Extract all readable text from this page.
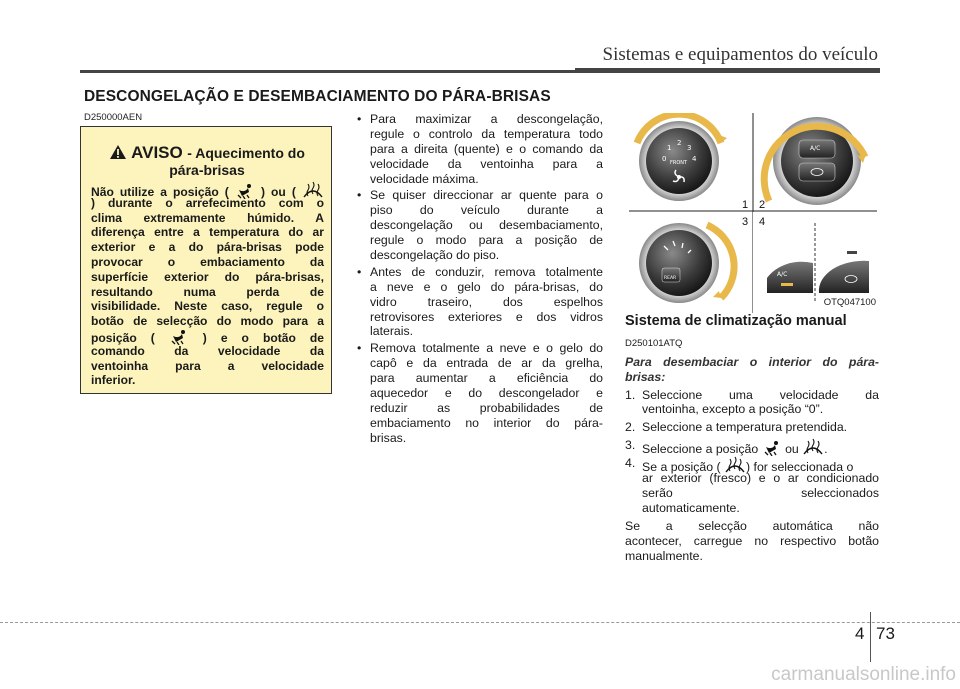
Sistemas e equipamentos do veículo
DESCONGELAÇÃO E DESEMBACIAMENTO DO PÁRA-BRISAS
D250000AEN
AVISO - Aquecimento do
pára-brisas
Não utilize a posição (	) ou (
) durante o arrefecimento com o
clima extremamente húmido. A
diferença entre a temperatura do ar
exterior e a do pára-brisas pode
provocar o embaciamento da
superfície exterior do pára-brisas,
resultando numa perda de
visibilidade. Neste caso, regule o
botão de selecção do modo para a
posição (	) e o botão de
comando da velocidade da
ventoinha para a velocidade
inferior.
• Para maximizar a descongelação,
regule o controlo da temperatura todo
para a direita (quente) e o comando da
velocidade da ventoinha para a
velocidade máxima.
• Se quiser direccionar ar quente para o
piso do veículo durante a
descongelação ou desembaciamento,
regule o modo para a posição de
descongelação do piso.
• Antes de conduzir, remova totalmente
a neve e o gelo do pára-brisas, do
vidro traseiro, dos espelhos
retrovisores exteriores e dos vidros
laterais.
• Remova totalmente a neve e o gelo do
capô e da entrada de ar da grelha,
para aumentar a eficiência do
aquecedor e do descongelador e
reduzir as probabilidades de
embaciamento no interior do pára-
brisas.
0
1
2
3
4
FRONT
A/C
REAR
A/C
1 2
3 4
OTQ047100
Sistema de climatização manual
D250101ATQ
Para desembaciar o interior do pára-
brisas:
1. Seleccione uma velocidade da
ventoinha, excepto a posição “0”.
2. Seleccione a temperatura pretendida.
3. Seleccione a posição ou .
4. Se a posição ( ) for seleccionada o
ar exterior (fresco) e o ar condicionado
serão seleccionados
automaticamente.
Se a selecção automática não
acontecer, carregue no respectivo botão
manualmente.
4 73
carmanualsonline.info
